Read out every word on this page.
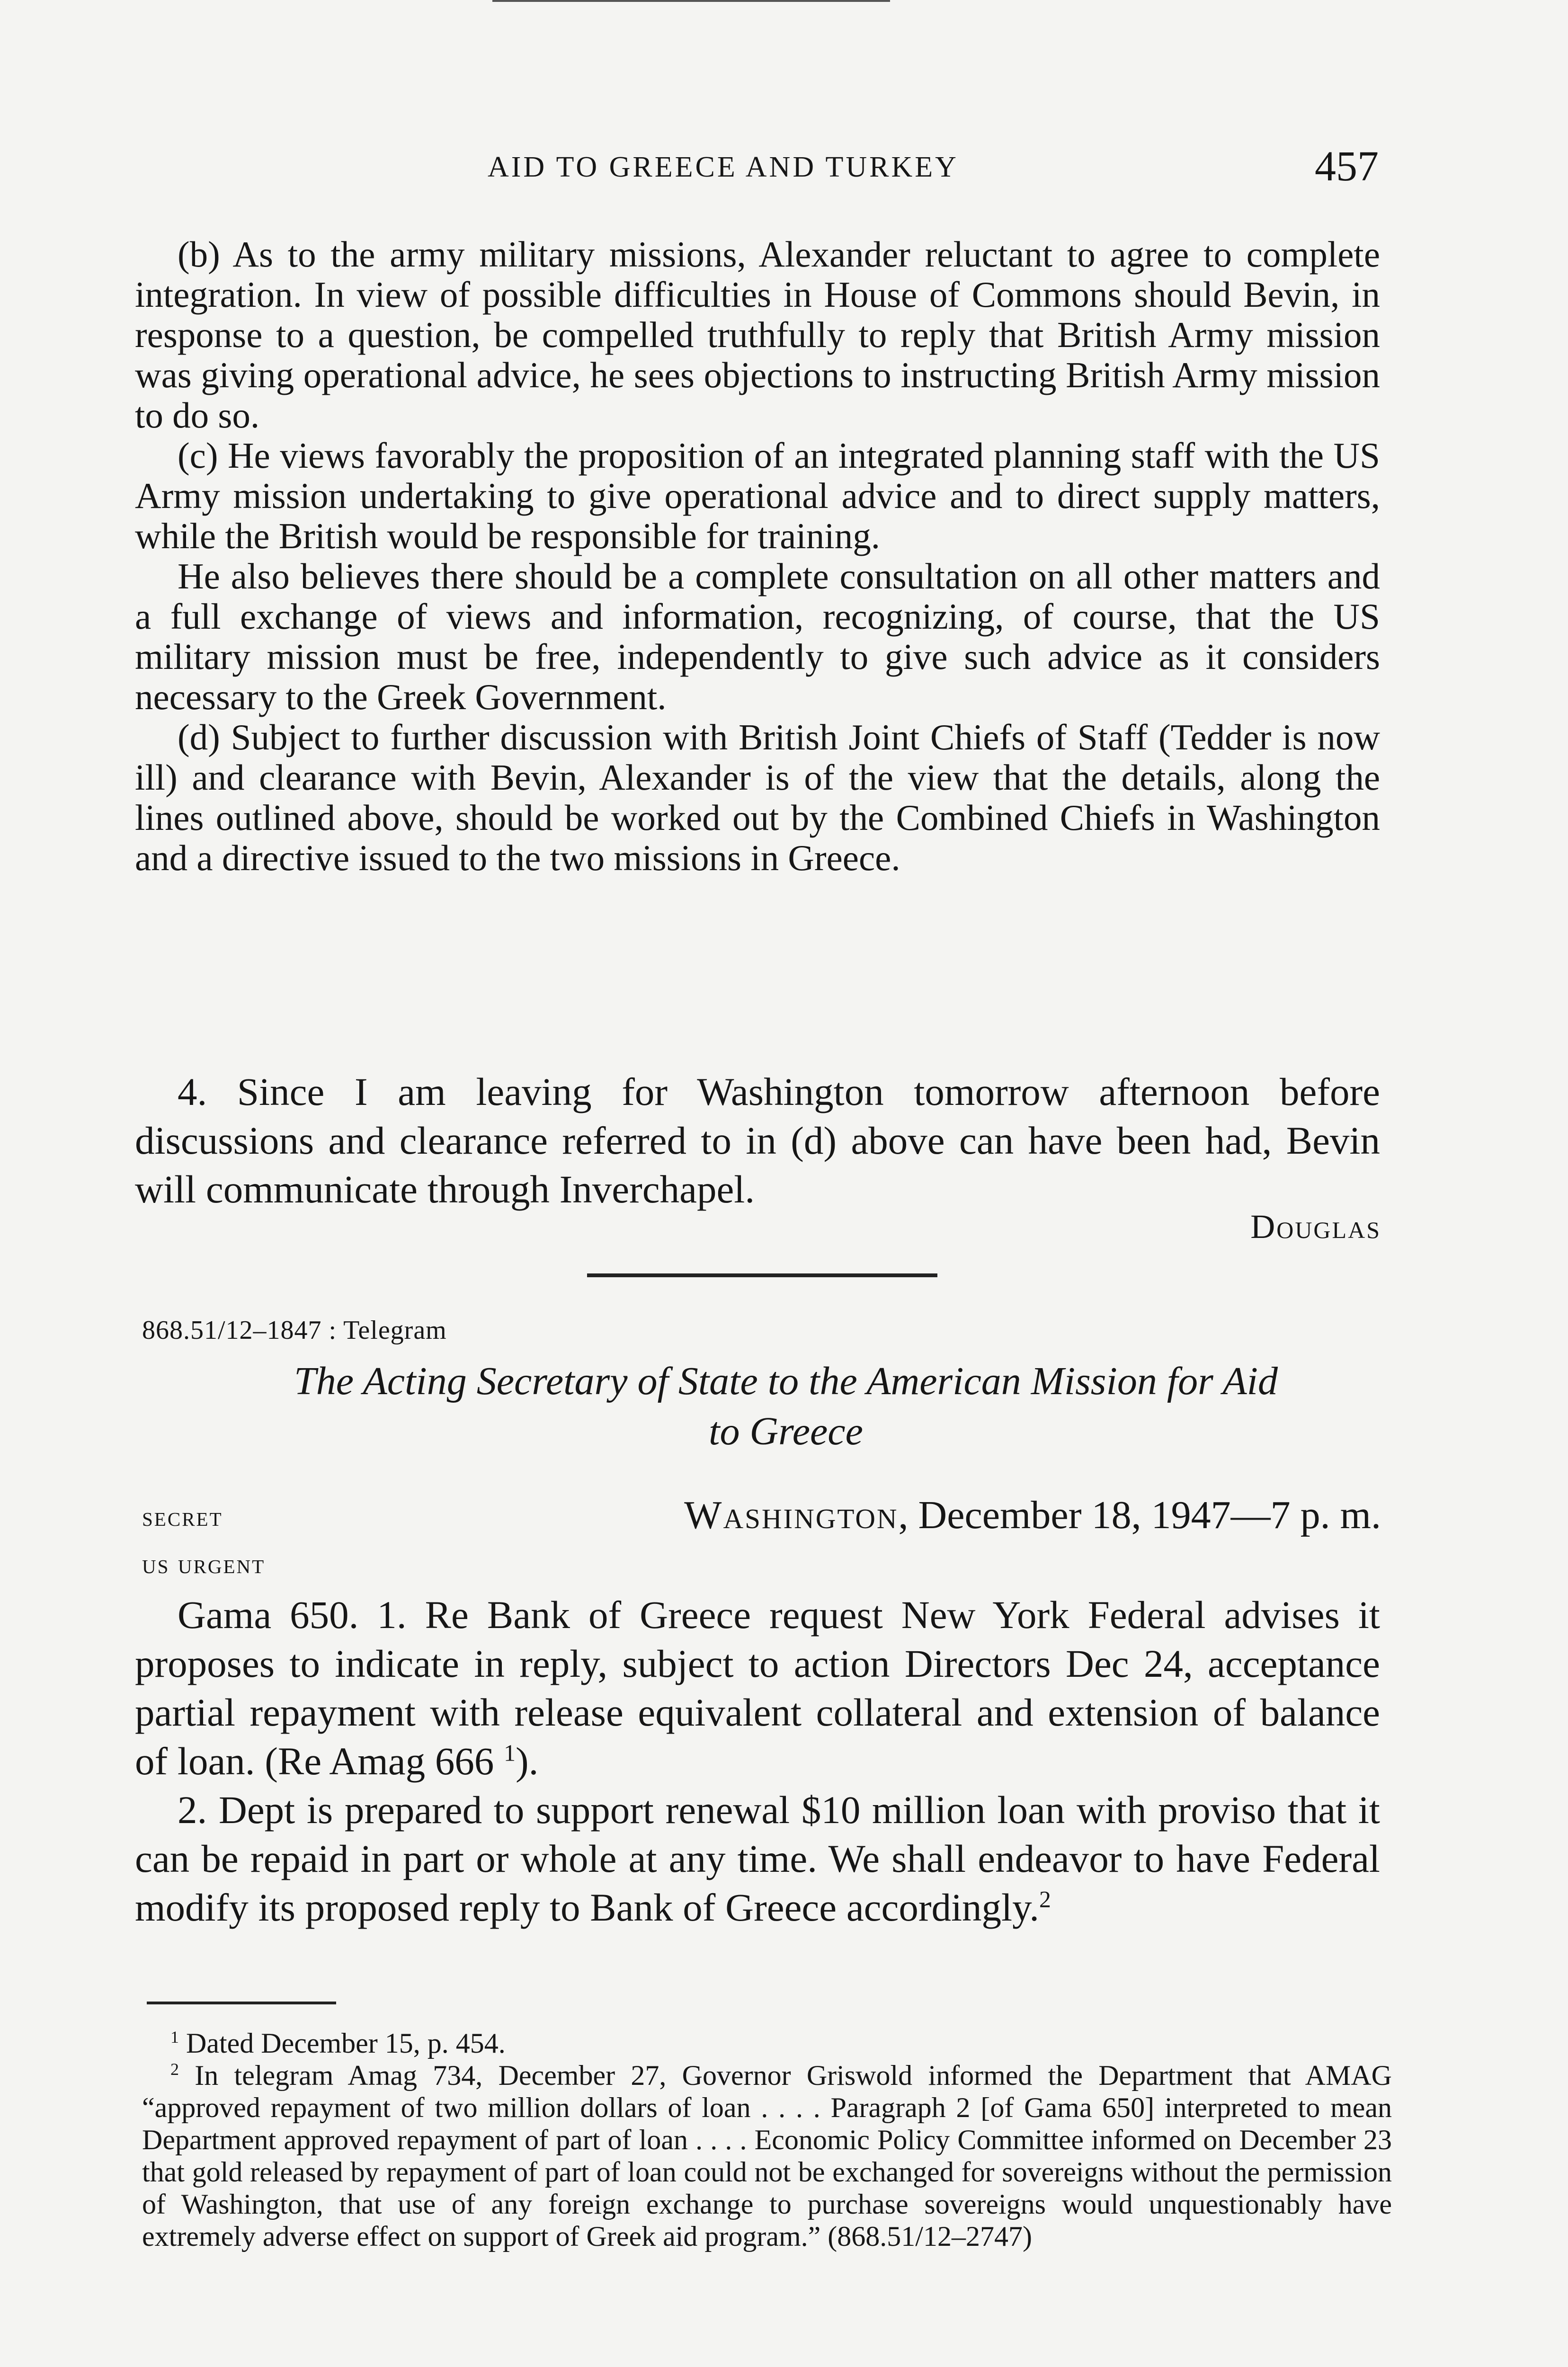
AID TO GREECE AND TURKEY	457

(b) As to the army military missions, Alexander reluctant to agree to complete integration. In view of possible difficulties in House of Commons should Bevin, in response to a question, be compelled truthfully to reply that British Army mission was giving operational advice, he sees objections to instructing British Army mission to do so.

(c) He views favorably the proposition of an integrated planning staff with the US Army mission undertaking to give operational advice and to direct supply matters, while the British would be responsible for training.

He also believes there should be a complete consultation on all other matters and a full exchange of views and information, recognizing, of course, that the US military mission must be free, independently to give such advice as it considers necessary to the Greek Government.

(d) Subject to further discussion with British Joint Chiefs of Staff (Tedder is now ill) and clearance with Bevin, Alexander is of the view that the details, along the lines outlined above, should be worked out by the Combined Chiefs in Washington and a directive issued to the two missions in Greece.

4. Since I am leaving for Washington tomorrow afternoon before discussions and clearance referred to in (d) above can have been had, Bevin will communicate through Inverchapel.

Douglas
868.51/12–1847 : Telegram
The Acting Secretary of State to the American Mission for Aid
to Greece
secret
us urgent
Washington, December 18, 1947—7 p. m.

Gama 650. 1. Re Bank of Greece request New York Federal advises it proposes to indicate in reply, subject to action Directors Dec 24, acceptance partial repayment with release equivalent collateral and extension of balance of loan. (Re Amag 666 $^1$).

2. Dept is prepared to support renewal $10 million loan with proviso that it can be repaid in part or whole at any time. We shall endeavor to have Federal modify its proposed reply to Bank of Greece accordingly.$^2$

$^1$ Dated December 15, p. 454.

$^2$ In telegram Amag 734, December 27, Governor Griswold informed the Department that AMAG “approved repayment of two million dollars of loan . . . . Paragraph 2 [of Gama 650] interpreted to mean Department approved repayment of part of loan . . . . Economic Policy Committee informed on December 23 that gold released by repayment of part of loan could not be exchanged for sovereigns without the permission of Washington, that use of any foreign exchange to purchase sovereigns would unquestionably have extremely adverse effect on support of Greek aid program.” (868.51/12–2747)
